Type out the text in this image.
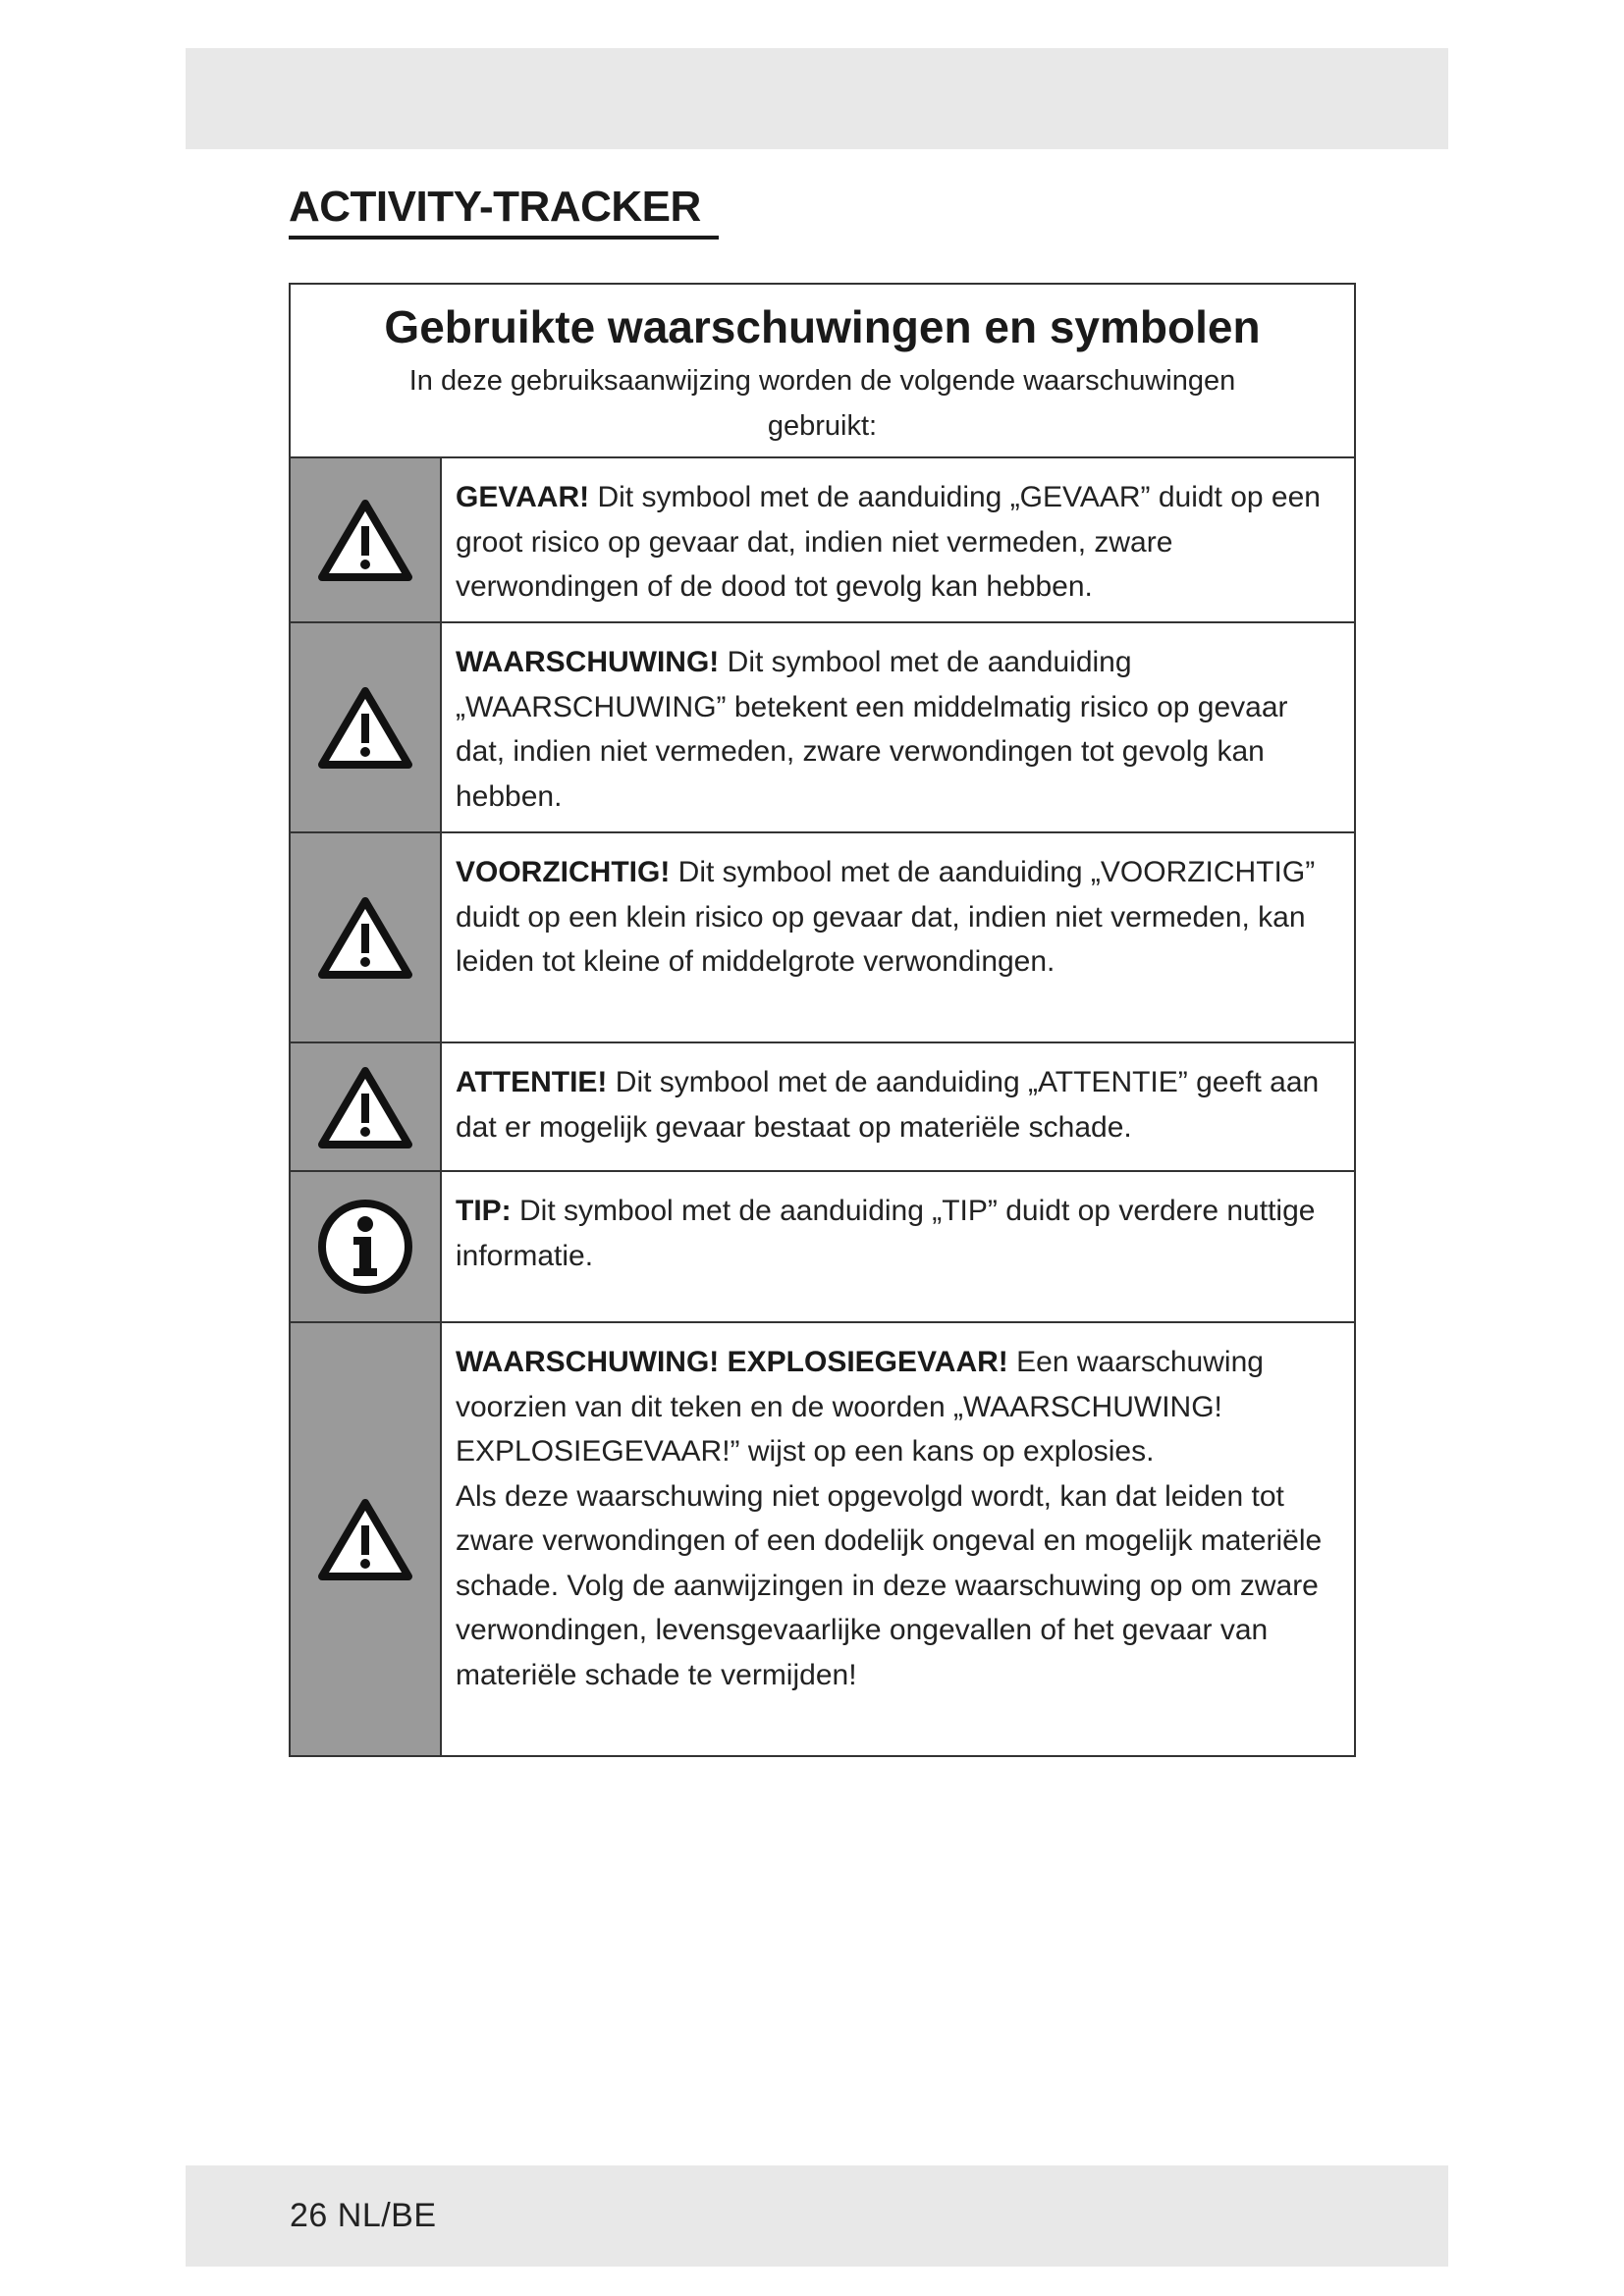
ACTIVITY-TRACKER
Gebruikte waarschuwingen en symbolen
In deze gebruiksaanwijzing worden de volgende waarschuwingen gebruikt:
GEVAAR! Dit symbool met de aanduiding „GEVAAR” duidt op een groot risico op gevaar dat, indien niet vermeden, zware verwondingen of de dood tot gevolg kan hebben.
WAARSCHUWING! Dit symbool met de aanduiding „WAARSCHUWING” betekent een middelmatig risico op gevaar dat, indien niet vermeden, zware verwondingen tot gevolg kan hebben.
VOORZICHTIG! Dit symbool met de aanduiding „VOORZICHTIG” duidt op een klein risico op gevaar dat, indien niet vermeden, kan leiden tot kleine of middelgrote verwondingen.
ATTENTIE! Dit symbool met de aanduiding „ATTENTIE” geeft aan dat er mogelijk gevaar bestaat op materiële schade.
TIP: Dit symbool met de aanduiding „TIP” duidt op verdere nuttige informatie.
WAARSCHUWING! EXPLOSIEGEVAAR! Een waarschuwing voorzien van dit teken en de woorden „WAARSCHUWING! EXPLOSIEGEVAAR!” wijst op een kans op explosies.
Als deze waarschuwing niet opgevolgd wordt, kan dat leiden tot zware verwondingen of een dodelijk ongeval en mogelijk materiële schade. Volg de aanwijzingen in deze waarschuwing op om zware verwondingen, levensgevaarlijke ongevallen of het gevaar van materiële schade te vermijden!
26 NL/BE
